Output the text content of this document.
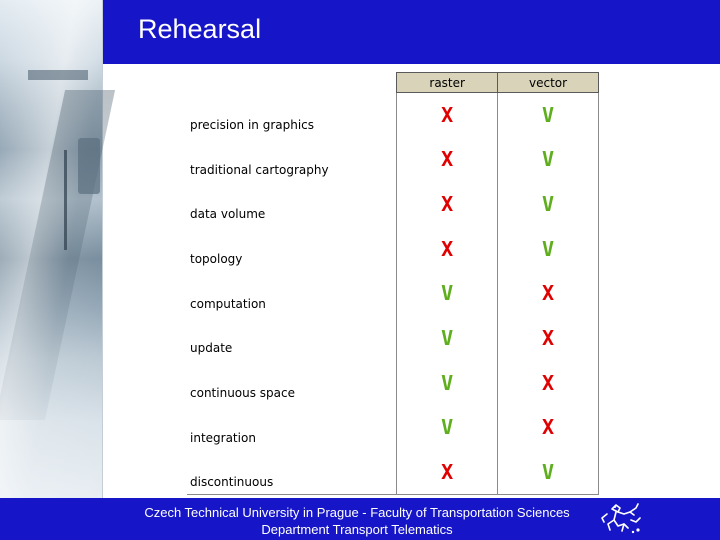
Rehearsal
	raster	vector
precision in graphics	X	V
traditional cartography	X	V
data volume	X	V
topology	X	V
computation	V	X
update	V	X
continuous space	V	X
integration	V	X
discontinuous	X	V
Czech Technical University in Prague - Faculty of Transportation Sciences
Department Transport Telematics
